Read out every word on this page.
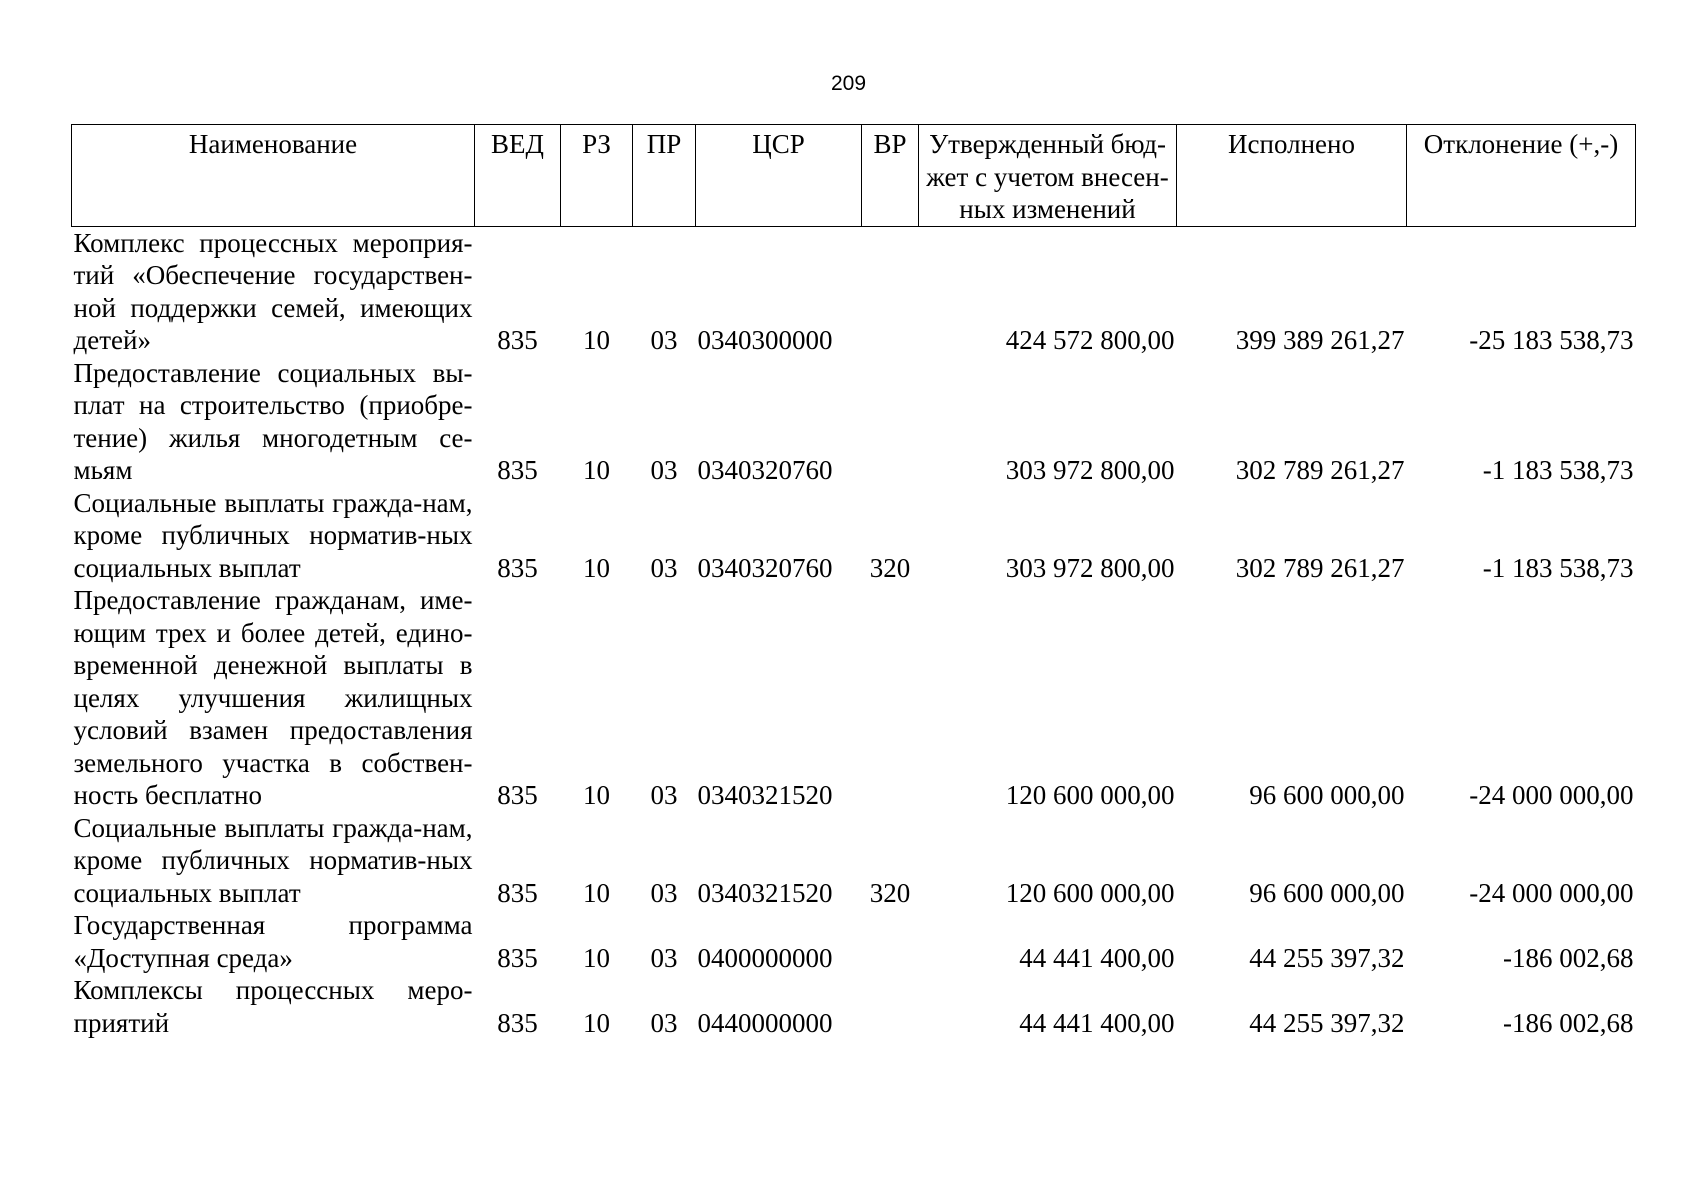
209
Наименование	ВЕД	РЗ	ПР	ЦСР	ВР	Утвержденный бюд-жет с учетом внесен-ных изменений	Исполнено	Отклонение (+,-)
Комплекс процессных мероприя-тий «Обеспечение государствен-ной поддержки семей, имеющих детей»	835	10	03	0340300000		424 572 800,00	399 389 261,27	-25 183 538,73
Предоставление социальных вы-плат на строительство (приобре-тение) жилья многодетным се-мьям	835	10	03	0340320760		303 972 800,00	302 789 261,27	-1 183 538,73
Социальные выплаты гражда-нам, кроме публичных норматив-ных социальных выплат	835	10	03	0340320760	320	303 972 800,00	302 789 261,27	-1 183 538,73
Предоставление гражданам, име-ющим трех и более детей, едино-временной денежной выплаты в целях улучшения жилищных условий взамен предоставления земельного участка в собствен-ность бесплатно	835	10	03	0340321520		120 600 000,00	96 600 000,00	-24 000 000,00
Социальные выплаты гражда-нам, кроме публичных норматив-ных социальных выплат	835	10	03	0340321520	320	120 600 000,00	96 600 000,00	-24 000 000,00
Государственная программа «Доступная среда»	835	10	03	0400000000		44 441 400,00	44 255 397,32	-186 002,68
Комплексы процессных меро-приятий	835	10	03	0440000000		44 441 400,00	44 255 397,32	-186 002,68
